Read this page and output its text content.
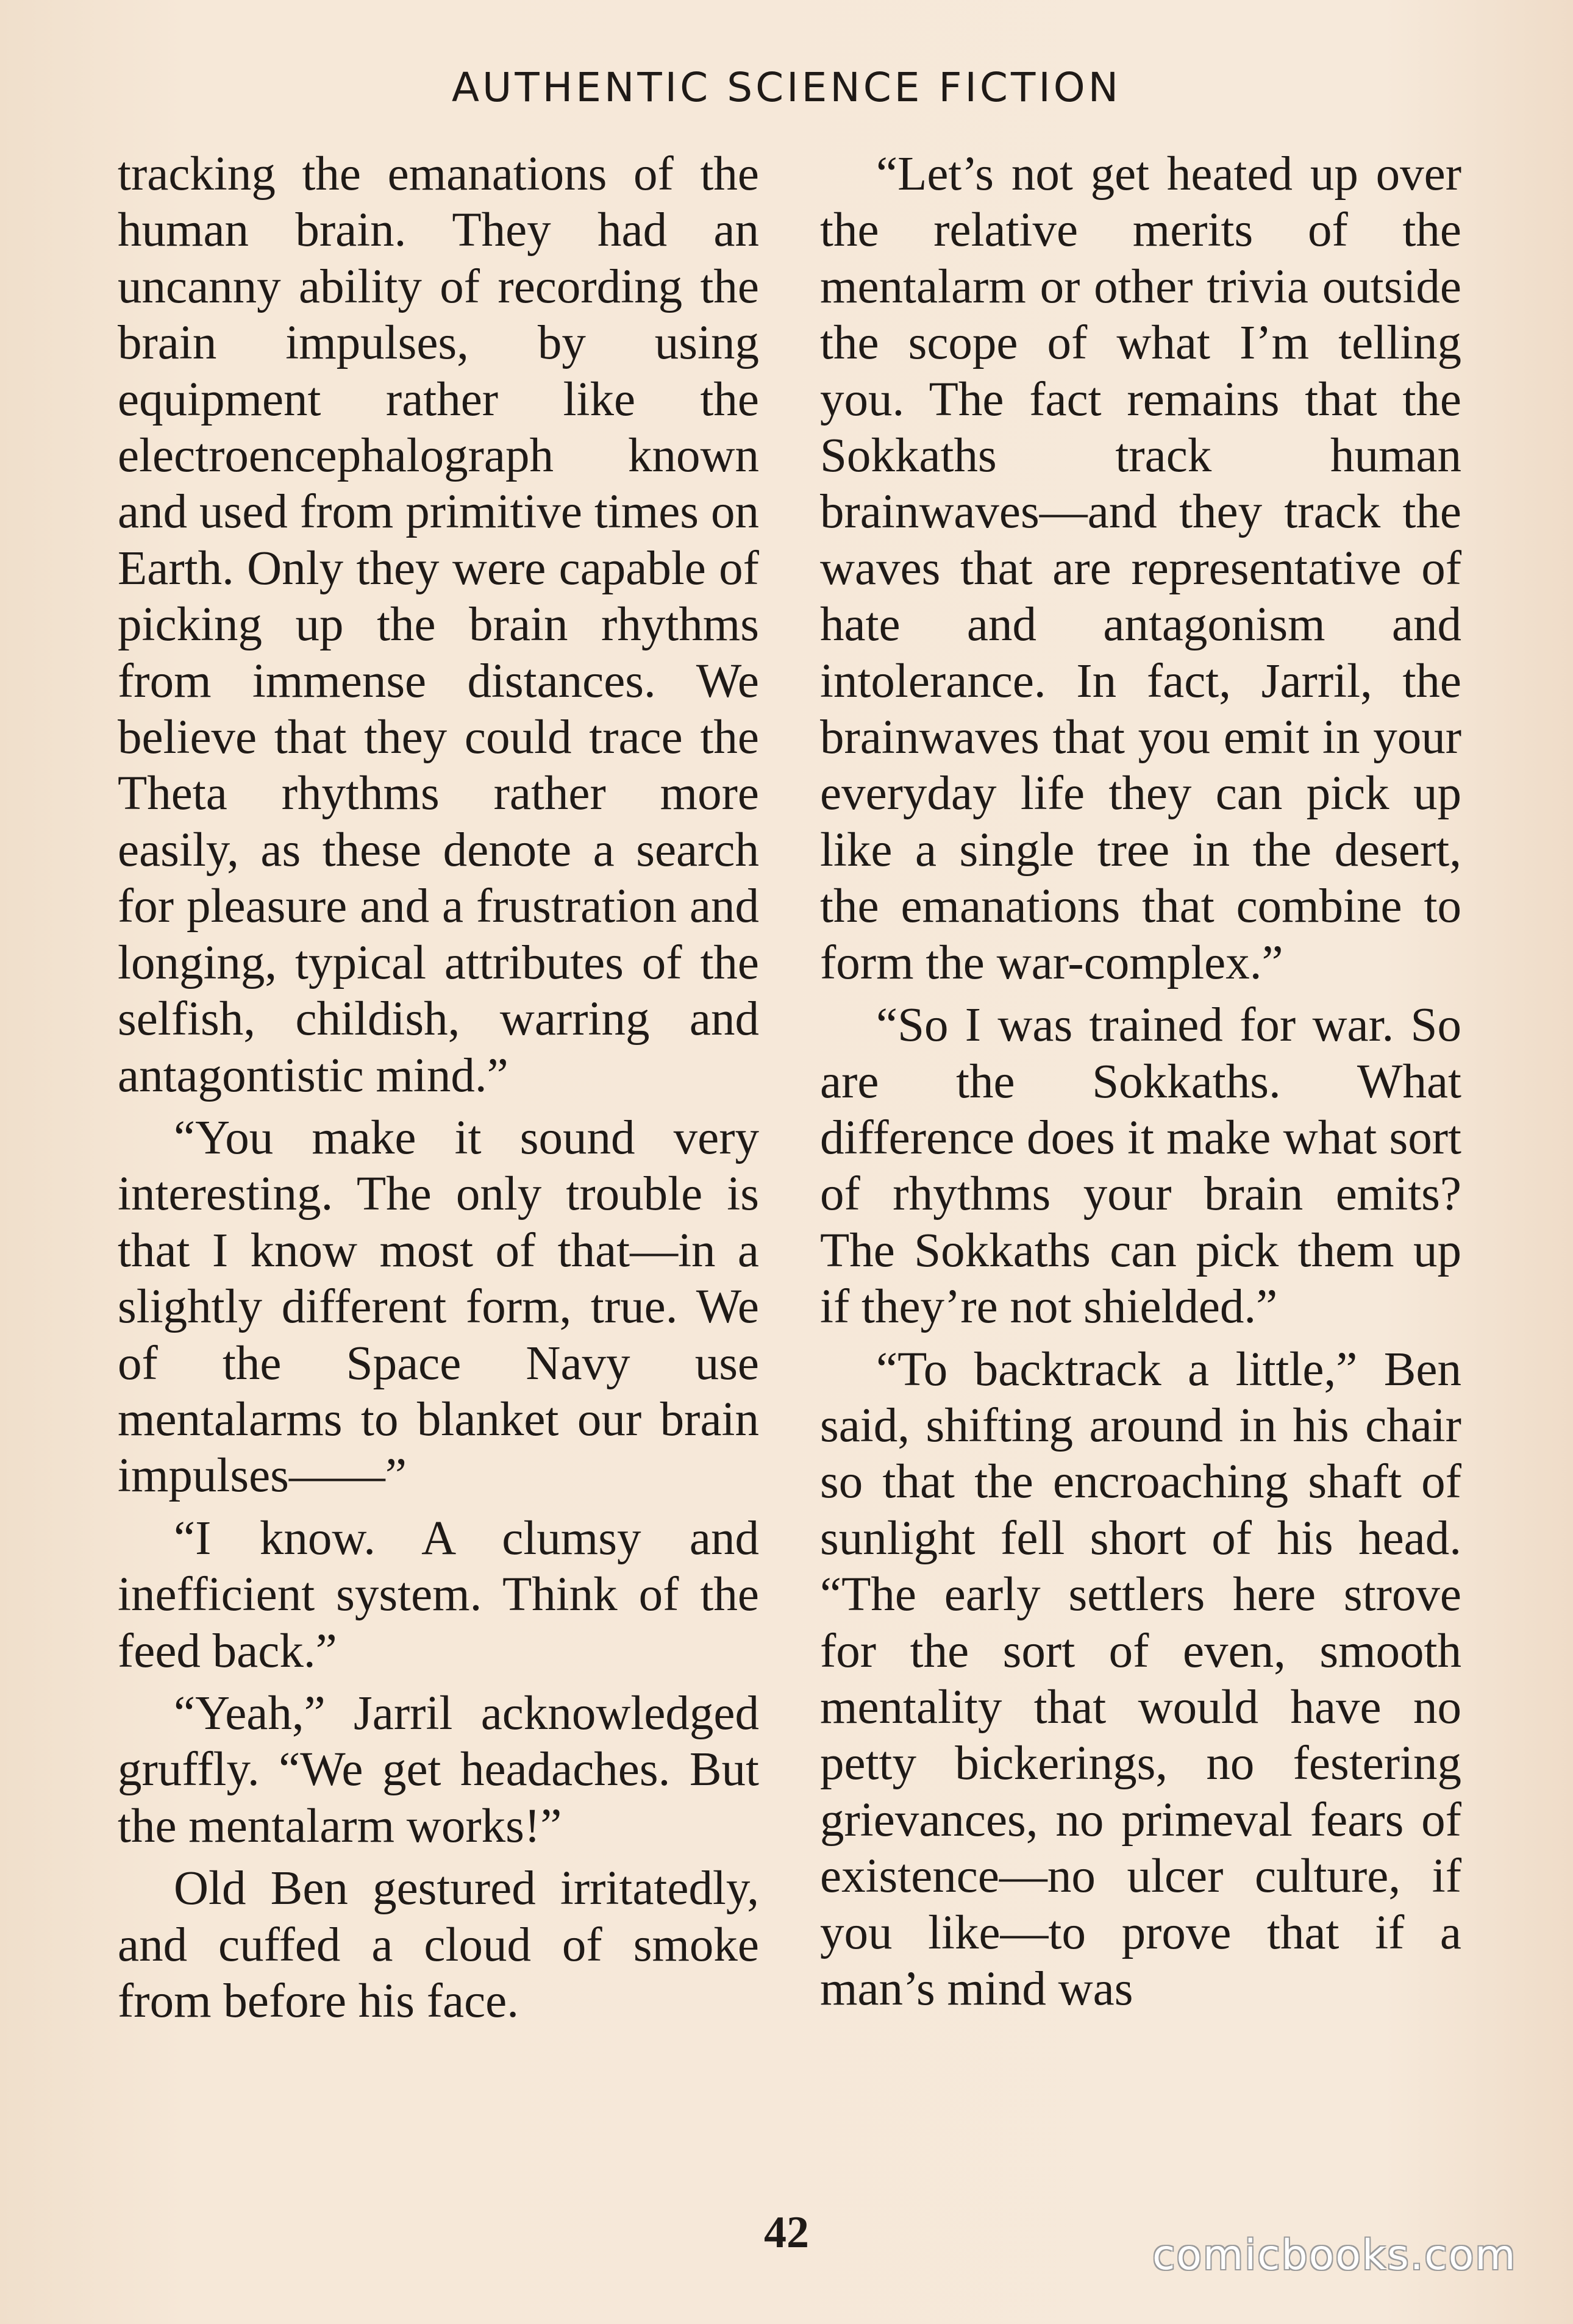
AUTHENTIC SCIENCE FICTION

tracking the emanations of the human brain. They had an uncanny ability of recording the brain impulses, by using equipment rather like the electroencephalograph known and used from primitive times on Earth. Only they were capable of picking up the brain rhythms from immense distances. We believe that they could trace the Theta rhythms rather more easily, as these denote a search for pleasure and a frustration and longing, typical attributes of the selfish, childish, warring and antagontistic mind.”

“You make it sound very interesting. The only trouble is that I know most of that—in a slightly different form, true. We of the Space Navy use mentalarms to blanket our brain impulses——”

“I know. A clumsy and inefficient system. Think of the feed back.”

“Yeah,” Jarril acknowledged gruffly. “We get headaches. But the mentalarm works!”

Old Ben gestured irritatedly, and cuffed a cloud of smoke from before his face.

“Let’s not get heated up over the relative merits of the mentalarm or other trivia outside the scope of what I’m telling you. The fact remains that the Sokkaths track human brainwaves—and they track the waves that are representative of hate and antagonism and intolerance. In fact, Jarril, the brainwaves that you emit in your everyday life they can pick up like a single tree in the desert, the emanations that combine to form the war-complex.”

“So I was trained for war. So are the Sokkaths. What difference does it make what sort of rhythms your brain emits? The Sokkaths can pick them up if they’re not shielded.”

“To backtrack a little,” Ben said, shifting around in his chair so that the encroaching shaft of sunlight fell short of his head. “The early settlers here strove for the sort of even, smooth mentality that would have no petty bickerings, no festering grievances, no primeval fears of existence—no ulcer culture, if you like—to prove that if a man’s mind was

42	comicbooks.com
